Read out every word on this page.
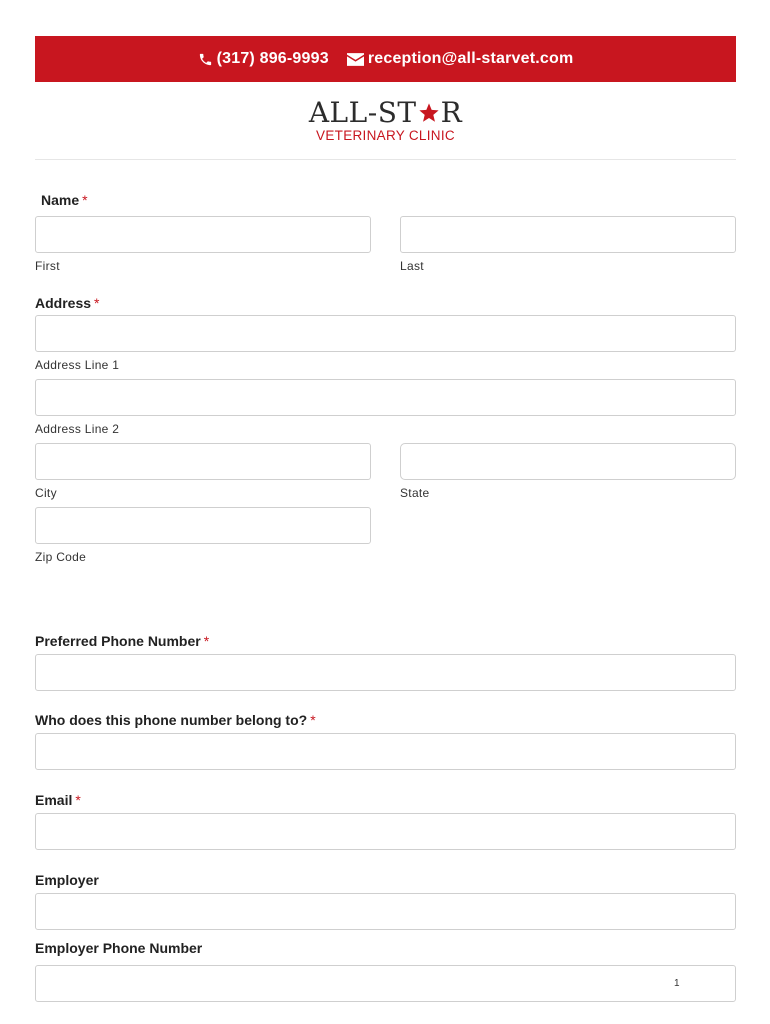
(317) 896-9993 reception@all-starvet.com
ALL-ST R
VETERINARY CLINIC
Name *
First	Last
Address *
Address Line 1
Address Line 2
City	State
Zip Code
Preferred Phone Number *
Who does this phone number belong to? *
Email *
Employer
Employer Phone Number
1
